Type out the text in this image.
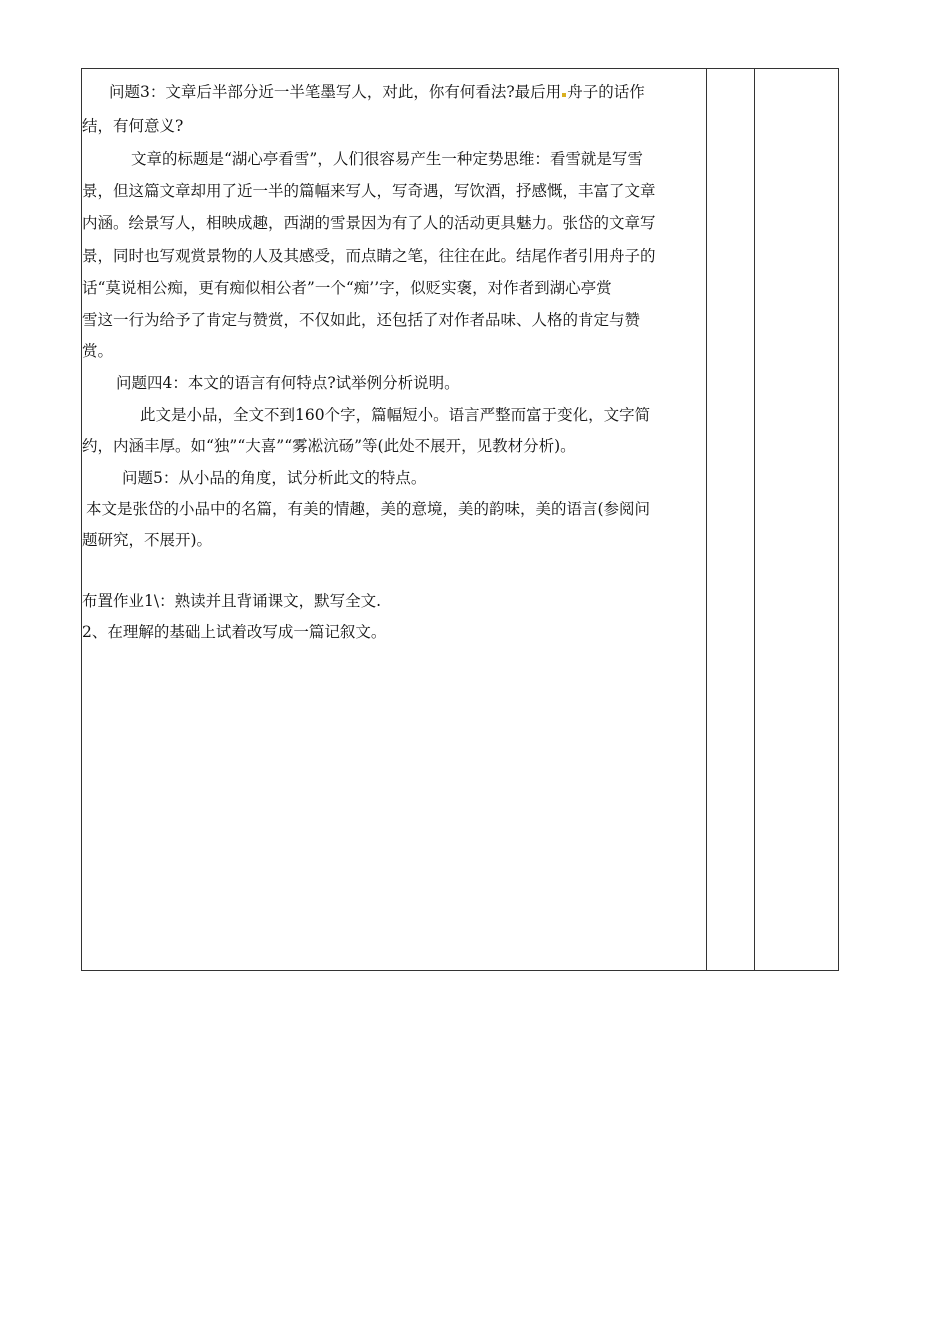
问题3：文章后半部分近一半笔墨写人，对此，你有何看法?最后用 舟子的话作
结，有何意义?
文章的标题是“湖心亭看雪”，人们很容易产生一种定势思维：看雪就是写雪
景，但这篇文章却用了近一半的篇幅来写人，写奇遇，写饮酒，抒感慨，丰富了文章
内涵。绘景写人，相映成趣，西湖的雪景因为有了人的活动更具魅力。张岱的文章写
景，同时也写观赏景物的人及其感受，而点睛之笔，往往在此。结尾作者引用舟子的
话“莫说相公痴，更有痴似相公者”一个“痴’’字，似贬实褒，对作者到湖心亭赏
雪这一行为给予了肯定与赞赏，不仅如此，还包括了对作者品味、人格的肯定与赞
赏。
问题四4：本文的语言有何特点?试举例分析说明。
此文是小品，全文不到160个字，篇幅短小。语言严整而富于变化，文字简
约，内涵丰厚。如“独”“大喜”“雾凇沆砀”等(此处不展开，见教材分析)。
问题5：从小品的角度，试分析此文的特点。
本文是张岱的小品中的名篇，有美的情趣，美的意境，美的韵味，美的语言(参阅问
题研究，不展开)。
布置作业1\：熟读并且背诵课文，默写全文.
2、在理解的基础上试着改写成一篇记叙文。
